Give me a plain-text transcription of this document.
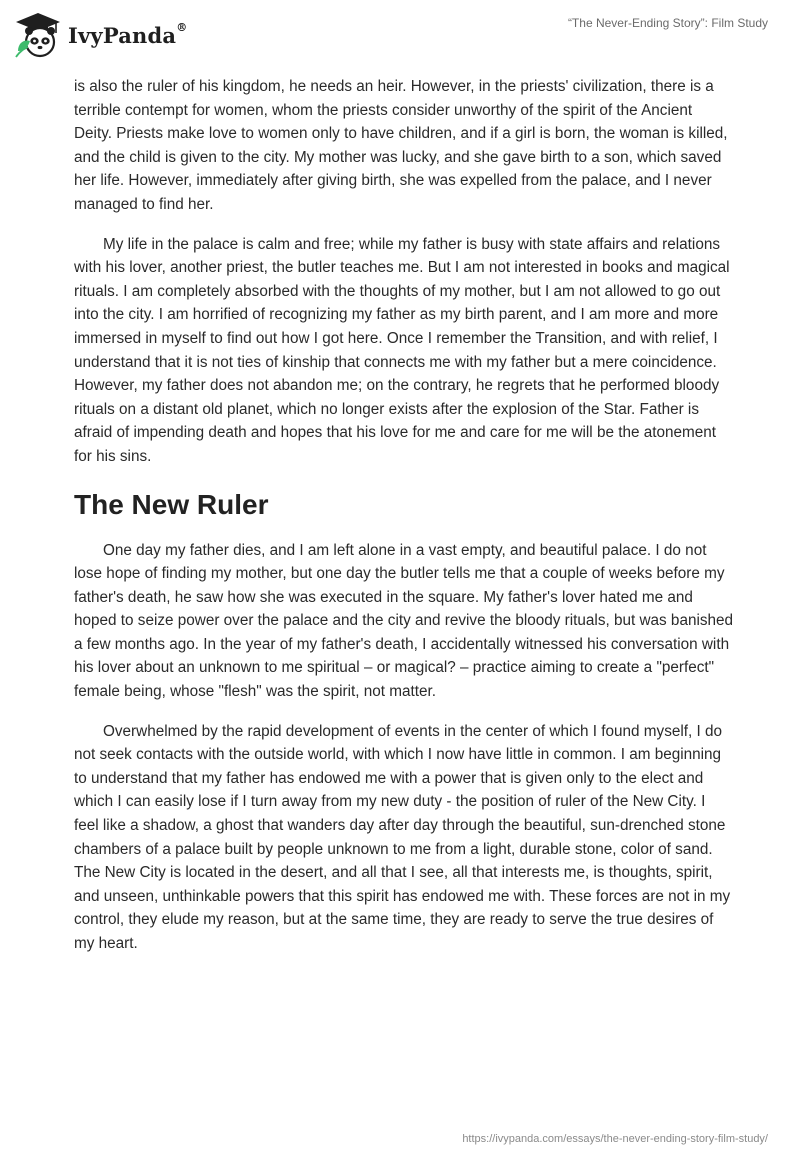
IvyPanda®	“The Never-Ending Story”: Film Study

is also the ruler of his kingdom, he needs an heir. However, in the priests' civilization, there is a terrible contempt for women, whom the priests consider unworthy of the spirit of the Ancient Deity. Priests make love to women only to have children, and if a girl is born, the woman is killed, and the child is given to the city. My mother was lucky, and she gave birth to a son, which saved her life. However, immediately after giving birth, she was expelled from the palace, and I never managed to find her.

My life in the palace is calm and free; while my father is busy with state affairs and relations with his lover, another priest, the butler teaches me. But I am not interested in books and magical rituals. I am completely absorbed with the thoughts of my mother, but I am not allowed to go out into the city. I am horrified of recognizing my father as my birth parent, and I am more and more immersed in myself to find out how I got here. Once I remember the Transition, and with relief, I understand that it is not ties of kinship that connects me with my father but a mere coincidence. However, my father does not abandon me; on the contrary, he regrets that he performed bloody rituals on a distant old planet, which no longer exists after the explosion of the Star. Father is afraid of impending death and hopes that his love for me and care for me will be the atonement for his sins.

The New Ruler

One day my father dies, and I am left alone in a vast empty, and beautiful palace. I do not lose hope of finding my mother, but one day the butler tells me that a couple of weeks before my father's death, he saw how she was executed in the square. My father's lover hated me and hoped to seize power over the palace and the city and revive the bloody rituals, but was banished a few months ago. In the year of my father's death, I accidentally witnessed his conversation with his lover about an unknown to me spiritual – or magical? – practice aiming to create a "perfect" female being, whose "flesh" was the spirit, not matter.

Overwhelmed by the rapid development of events in the center of which I found myself, I do not seek contacts with the outside world, with which I now have little in common. I am beginning to understand that my father has endowed me with a power that is given only to the elect and which I can easily lose if I turn away from my new duty - the position of ruler of the New City. I feel like a shadow, a ghost that wanders day after day through the beautiful, sun-drenched stone chambers of a palace built by people unknown to me from a light, durable stone, color of sand. The New City is located in the desert, and all that I see, all that interests me, is thoughts, spirit, and unseen, unthinkable powers that this spirit has endowed me with. These forces are not in my control, they elude my reason, but at the same time, they are ready to serve the true desires of my heart.

https://ivypanda.com/essays/the-never-ending-story-film-study/
